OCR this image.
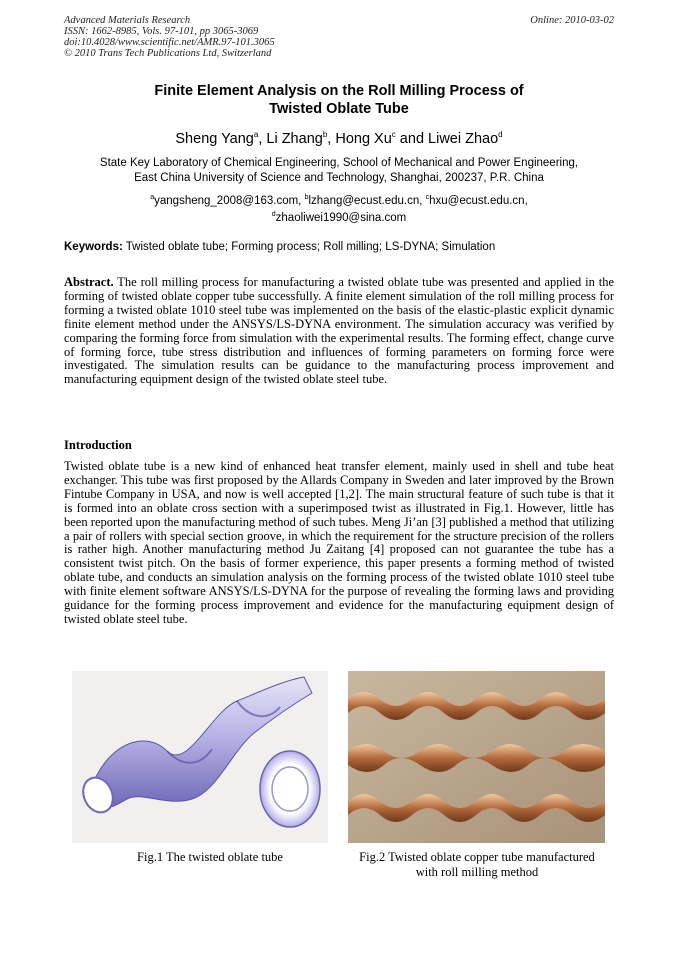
Advanced Materials Research
ISSN: 1662-8985, Vols. 97-101, pp 3065-3069
doi:10.4028/www.scientific.net/AMR.97-101.3065
© 2010 Trans Tech Publications Ltd, Switzerland
Online: 2010-03-02
Finite Element Analysis on the Roll Milling Process of
Twisted Oblate Tube
Sheng Yang$^a$, Li Zhang$^b$, Hong Xu$^c$ and Liwei Zhao$^d$
State Key Laboratory of Chemical Engineering, School of Mechanical and Power Engineering,
East China University of Science and Technology, Shanghai, 200237, P.R. China
$^a$yangsheng_2008@163.com, $^b$lzhang@ecust.edu.cn, $^c$hxu@ecust.edu.cn,
$^d$zhaoliwei1990@sina.com
Keywords: Twisted oblate tube; Forming process; Roll milling; LS-DYNA; Simulation
Abstract. The roll milling process for manufacturing a twisted oblate tube was presented and applied in the forming of twisted oblate copper tube successfully. A finite element simulation of the roll milling process for forming a twisted oblate 1010 steel tube was implemented on the basis of the elastic-plastic explicit dynamic finite element method under the ANSYS/LS-DYNA environment. The simulation accuracy was verified by comparing the forming force from simulation with the experimental results. The forming effect, change curve of forming force, tube stress distribution and influences of forming parameters on forming force were investigated. The simulation results can be guidance to the manufacturing process improvement and manufacturing equipment design of the twisted oblate steel tube.
Introduction
Twisted oblate tube is a new kind of enhanced heat transfer element, mainly used in shell and tube heat exchanger. This tube was first proposed by the Allards Company in Sweden and later improved by the Brown Fintube Company in USA, and now is well accepted [1,2]. The main structural feature of such tube is that it is formed into an oblate cross section with a superimposed twist as illustrated in Fig.1. However, little has been reported upon the manufacturing method of such tubes. Meng Ji’an [3] published a method that utilizing a pair of rollers with special section groove, in which the requirement for the structure precision of the rollers is rather high. Another manufacturing method Ju Zaitang [4] proposed can not guarantee the tube has a consistent twist pitch. On the basis of former experience, this paper presents a forming method of twisted oblate tube, and conducts an simulation analysis on the forming process of the twisted oblate 1010 steel tube with finite element software ANSYS/LS-DYNA for the purpose of revealing the forming laws and providing guidance for the forming process improvement and evidence for the manufacturing equipment design of twisted oblate steel tube.
Fig.1 The twisted oblate tube	Fig.2 Twisted oblate copper tube manufactured
with roll milling method
